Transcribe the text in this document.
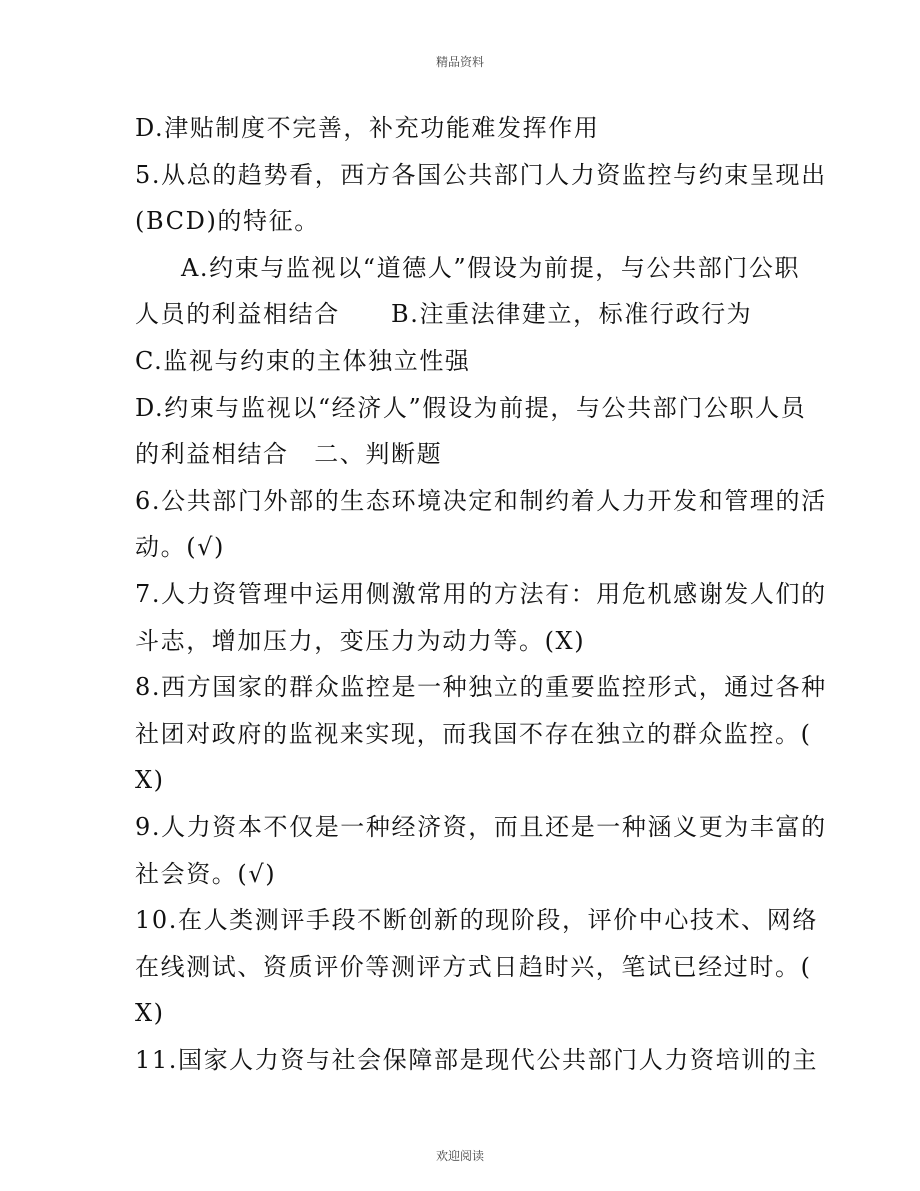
精品资料
D.津贴制度不完善，补充功能难发挥作用
5.从总的趋势看，西方各国公共部门人力资监控与约束呈现出
(BCD)的特征。
A.约束与监视以“道德人”假设为前提，与公共部门公职
人员的利益相结合　　B.注重法律建立，标准行政行为
C.监视与约束的主体独立性强
D.约束与监视以“经济人”假设为前提，与公共部门公职人员
的利益相结合　二、判断题
6.公共部门外部的生态环境决定和制约着人力开发和管理的活
动。(√)
7.人力资管理中运用侧激常用的方法有：用危机感谢发人们的
斗志，增加压力，变压力为动力等。(X)
8.西方国家的群众监控是一种独立的重要监控形式，通过各种
社团对政府的监视来实现，而我国不存在独立的群众监控。(
X)
9.人力资本不仅是一种经济资，而且还是一种涵义更为丰富的
社会资。(√)
10.在人类测评手段不断创新的现阶段，评价中心技术、网络
在线测试、资质评价等测评方式日趋时兴，笔试已经过时。(
X)
11.国家人力资与社会保障部是现代公共部门人力资培训的主
欢迎阅读
